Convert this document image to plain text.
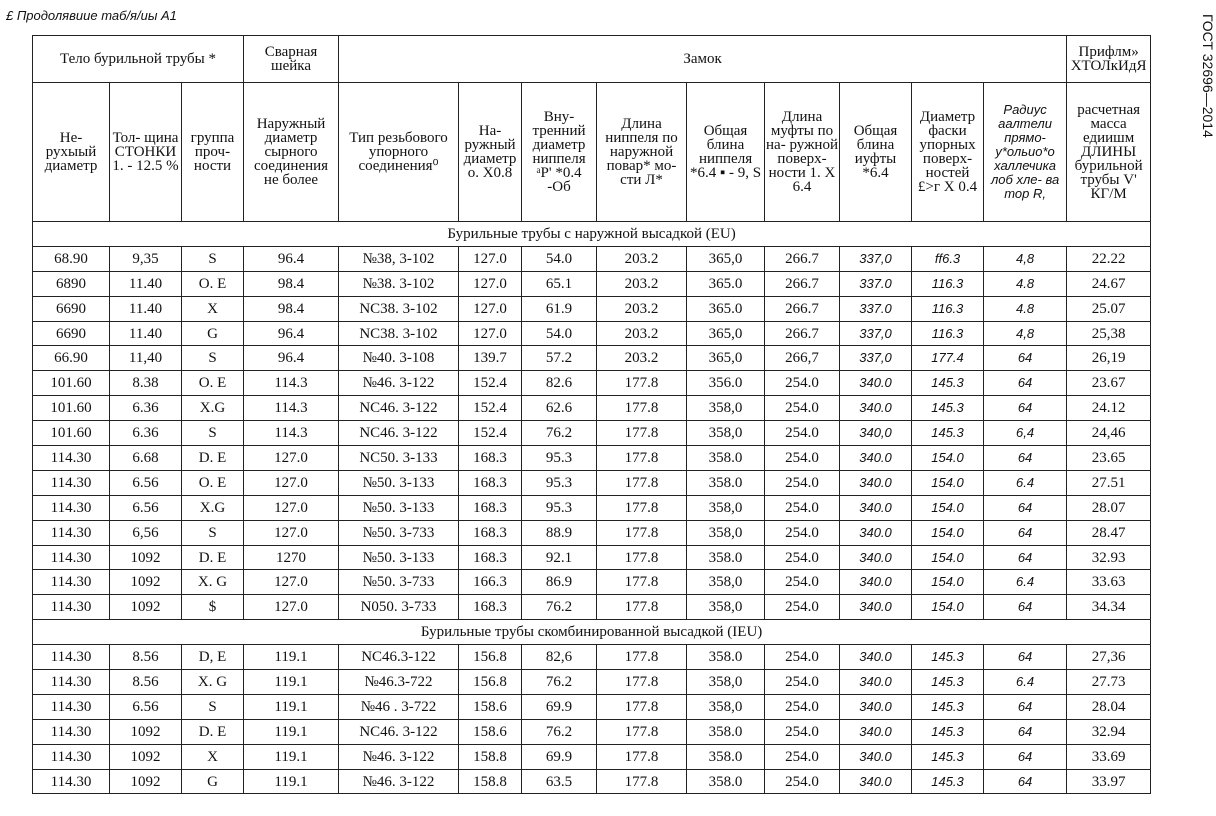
£ Продолявиие таб/я/иы А1	ГОСТ 32696—2014
Тело бурильной трубы *			Сварная шейка	Замок									Прифлм» ХТОЛкИдЯ
Не- рухыый диаметр	Тол- щина СТОНКИ 1. - 12.5 %	группа проч- ности	Наружный диаметр сырного соединения не более	Тип резьбового упорного соединения⁰	На- ружный диаметр о. Х0.8	Вну- тренний диаметр ниппеля ᵃР' *0.4 -Об	Длина ниппеля по наружной повар* мо- сти Л*	Общая блина ниппеля *6.4 ▪ - 9, S	Длина муфты по на- ружной поверх- ности 1. Х 6.4	Общая блина иуфты *6.4	Диаметр фаски упорных поверх- ностей £>г Х 0.4	Радиус аалтели прямо- у*ольио*о халлечика лоб хле- ва тор R,	расчетная масса едиишм ДЛИНЫ бурильной трубы V' КГ/М
Бурильные трубы с наружной высадкой (EU)													
68.90	9,35	S	96.4	№38, 3-102	127.0	54.0	203.2	365,0	266.7	337,0	ff6.3	4,8	22.22
6890	11.40	О. Е	98.4	№38. 3-102	127.0	65.1	203.2	365.0	266.7	337.0	116.3	4.8	24.67
6690	11.40	X	98.4	NC38. 3-102	127.0	61.9	203.2	365.0	266.7	337.0	116.3	4.8	25.07
6690	11.40	G	96.4	NC38. 3-102	127.0	54.0	203.2	365,0	266.7	337,0	116.3	4,8	25,38
66.90	11,40	S	96.4	№40. 3-108	139.7	57.2	203.2	365,0	266,7	337,0	177.4	64	26,19
101.60	8.38	О. Е	114.3	№46. 3-122	152.4	82.6	177.8	356.0	254.0	340.0	145.3	64	23.67
101.60	6.36	X.G	114.3	NC46. 3-122	152.4	62.6	177.8	358,0	254.0	340.0	145.3	64	24.12
101.60	6.36	S	114.3	NC46. 3-122	152.4	76.2	177.8	358,0	254.0	340,0	145.3	6,4	24,46
114.30	6.68	D. E	127.0	NC50. 3-133	168.3	95.3	177.8	358.0	254.0	340.0	154.0	64	23.65
114.30	6.56	О. Е	127.0	№50. 3-133	168.3	95.3	177.8	358.0	254.0	340.0	154.0	6.4	27.51
114.30	6.56	X.G	127.0	№50. 3-133	168.3	95.3	177.8	358,0	254.0	340.0	154.0	64	28.07
114.30	6,56	S	127.0	№50. 3-733	168.3	88.9	177.8	358,0	254.0	340.0	154.0	64	28.47
114.30	1092	D. E	1270	№50. 3-133	168.3	92.1	177.8	358.0	254.0	340.0	154.0	64	32.93
114.30	1092	X. G	127.0	№50. 3-733	166.3	86.9	177.8	358,0	254.0	340.0	154.0	6.4	33.63
114.30	1092	$	127.0	N050. 3-733	168.3	76.2	177.8	358,0	254.0	340.0	154.0	64	34.34
Бурильные трубы скомбинированной высадкой (IEU)													
114.30	8.56	D, E	119.1	NC46.3-122	156.8	82,6	177.8	358.0	254.0	340.0	145.3	64	27,36
114.30	8.56	X. G	119.1	№46.3-722	156.8	76.2	177.8	358,0	254.0	340.0	145.3	6.4	27.73
114.30	6.56	S	119.1	№46 . 3-722	158.6	69.9	177.8	358,0	254.0	340.0	145.3	64	28.04
114.30	1092	D. E	119.1	NC46. 3-122	158.6	76.2	177.8	358.0	254.0	340.0	145.3	64	32.94
114.30	1092	X	119.1	№46. 3-122	158.8	69.9	177.8	358.0	254.0	340.0	145.3	64	33.69
114.30	1092	G	119.1	№46. 3-122	158.8	63.5	177.8	358.0	254.0	340.0	145.3	64	33.97
